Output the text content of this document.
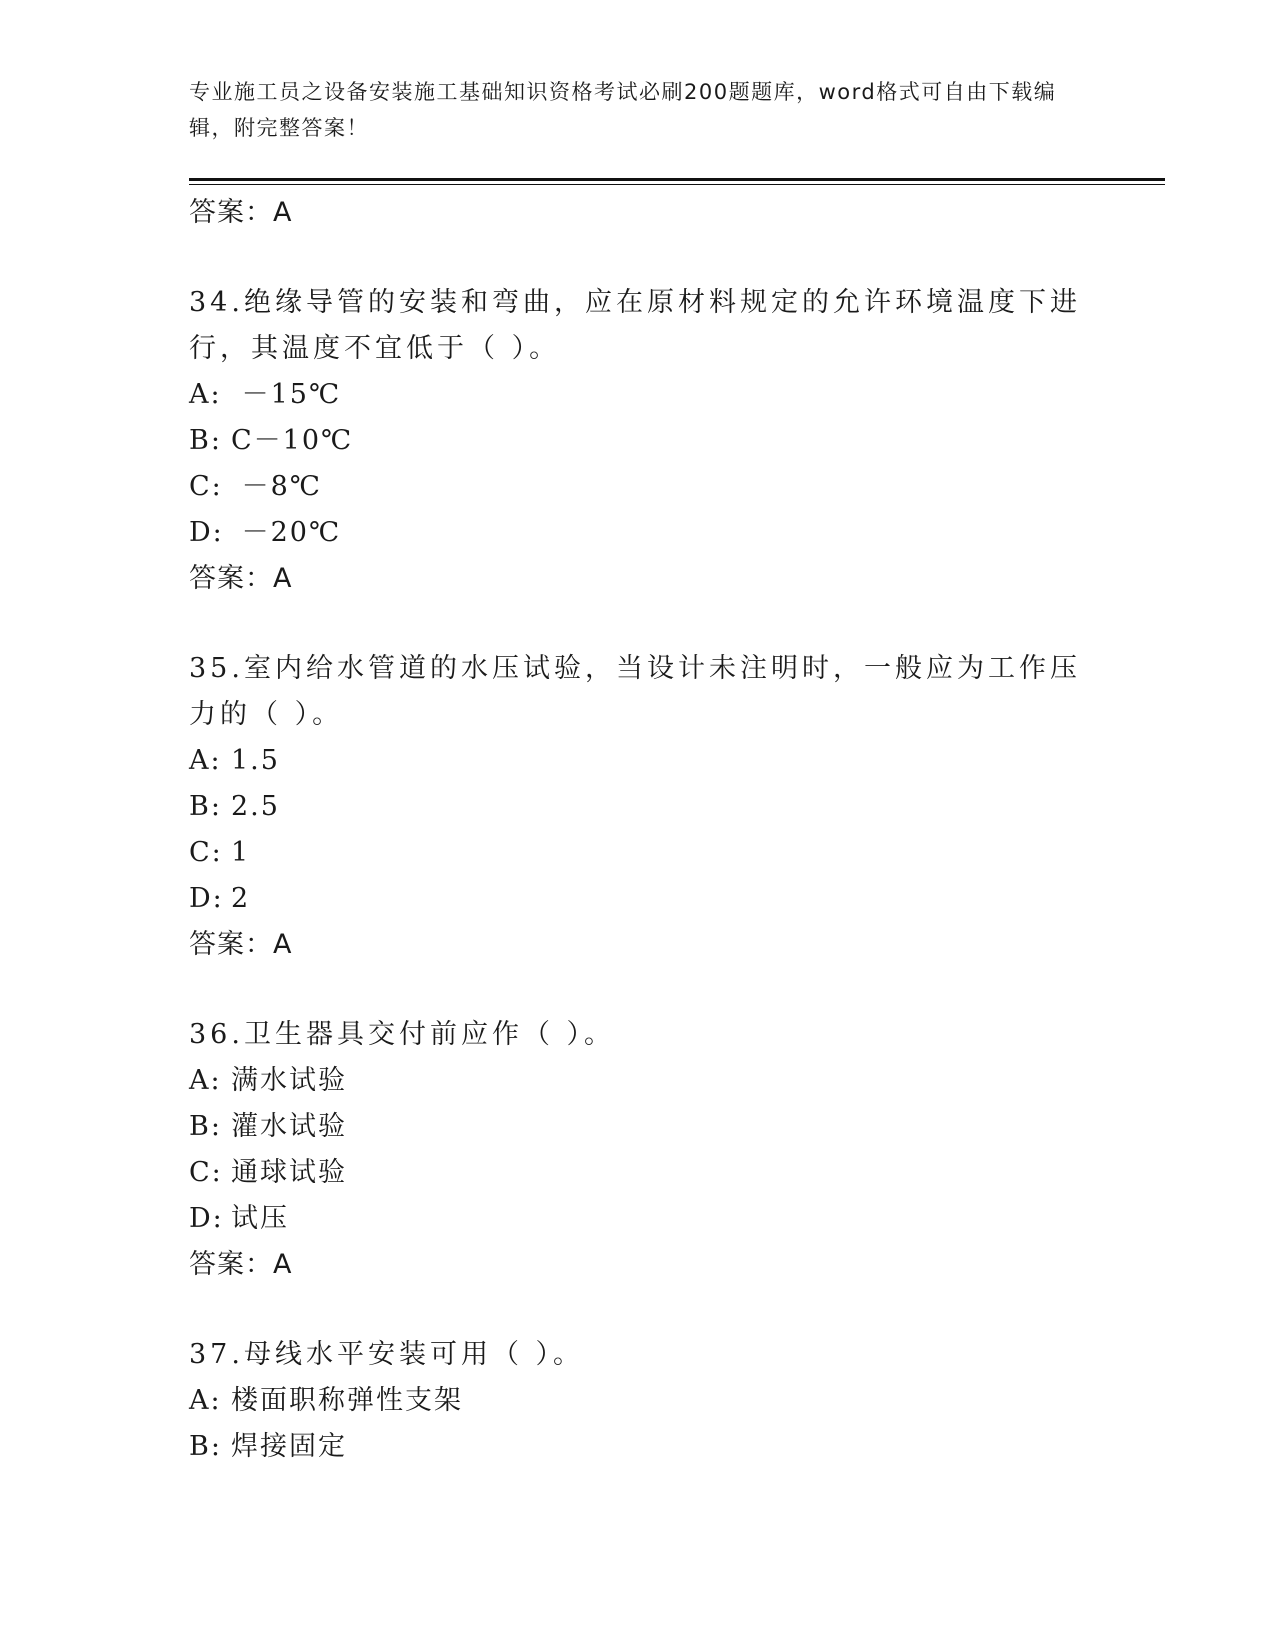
专业施工员之设备安装施工基础知识资格考试必刷200题题库，word格式可自由下载编辑，附完整答案！
答案：A
34.绝缘导管的安装和弯曲，应在原材料规定的允许环境温度下进行，其温度不宜低于（ ）。
A: －15℃
B: C－10℃
C: －8℃
D: －20℃
答案：A
35.室内给水管道的水压试验，当设计未注明时，一般应为工作压力的（ ）。
A: 1.5
B: 2.5
C: 1
D: 2
答案：A
36.卫生器具交付前应作（ ）。
A: 满水试验
B: 灌水试验
C: 通球试验
D: 试压
答案：A
37.母线水平安装可用（ ）。
A: 楼面职称弹性支架
B: 焊接固定
